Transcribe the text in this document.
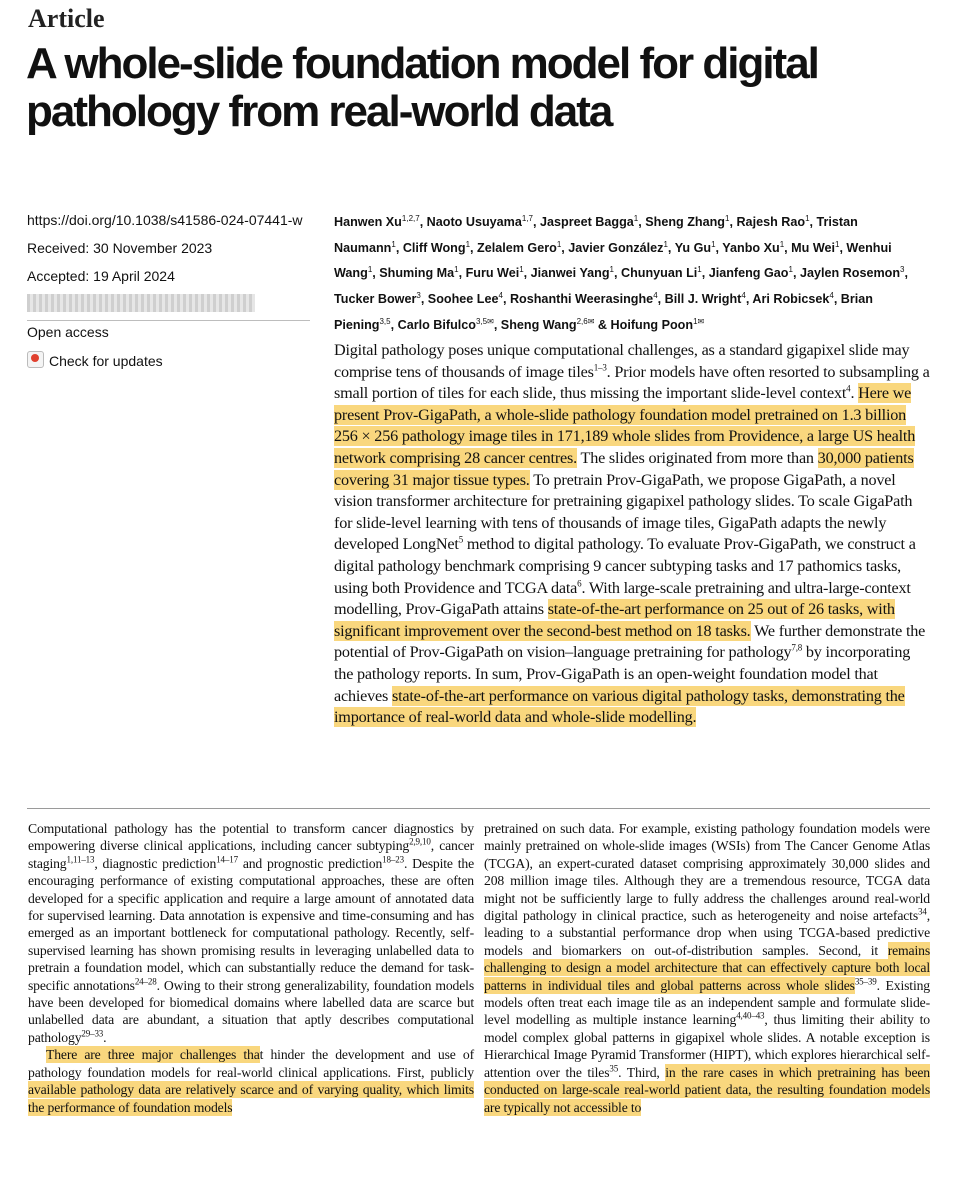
Article
A whole-slide foundation model for digital pathology from real-world data
https://doi.org/10.1038/s41586-024-07441-w
Received: 30 November 2023
Accepted: 19 April 2024
Open access
Check for updates

Hanwen Xu$^{1,2,7}$, Naoto Usuyama$^{1,7}$, Jaspreet Bagga$^1$, Sheng Zhang$^1$, Rajesh Rao$^1$, Tristan Naumann$^1$, Cliff Wong$^1$, Zelalem Gero$^1$, Javier González$^1$, Yu Gu$^1$, Yanbo Xu$^1$, Mu Wei$^1$, Wenhui Wang$^1$, Shuming Ma$^1$, Furu Wei$^1$, Jianwei Yang$^1$, Chunyuan Li$^1$, Jianfeng Gao$^1$, Jaylen Rosemon$^3$, Tucker Bower$^3$, Soohee Lee$^4$, Roshanthi Weerasinghe$^4$, Bill J. Wright$^4$, Ari Robicsek$^4$, Brian Piening$^{3,5}$, Carlo Bifulco$^{3,5✉}$, Sheng Wang$^{2,6✉}$ & Hoifung Poon$^{1✉}$

Digital pathology poses unique computational challenges, as a standard gigapixel slide may comprise tens of thousands of image tiles$^{1-3}$. Prior models have often resorted to subsampling a small portion of tiles for each slide, thus missing the important slide-level context$^4$. Here we present Prov-GigaPath, a whole-slide pathology foundation model pretrained on 1.3 billion 256 × 256 pathology image tiles in 171,189 whole slides from Providence, a large US health network comprising 28 cancer centres. The slides originated from more than 30,000 patients covering 31 major tissue types. To pretrain Prov-GigaPath, we propose GigaPath, a novel vision transformer architecture for pretraining gigapixel pathology slides. To scale GigaPath for slide-level learning with tens of thousands of image tiles, GigaPath adapts the newly developed LongNet$^5$ method to digital pathology. To evaluate Prov-GigaPath, we construct a digital pathology benchmark comprising 9 cancer subtyping tasks and 17 pathomics tasks, using both Providence and TCGA data$^6$. With large-scale pretraining and ultra-large-context modelling, Prov-GigaPath attains state-of-the-art performance on 25 out of 26 tasks, with significant improvement over the second-best method on 18 tasks. We further demonstrate the potential of Prov-GigaPath on vision–language pretraining for pathology$^{7,8}$ by incorporating the pathology reports. In sum, Prov-GigaPath is an open-weight foundation model that achieves state-of-the-art performance on various digital pathology tasks, demonstrating the importance of real-world data and whole-slide modelling.

Computational pathology has the potential to transform cancer diagnostics by empowering diverse clinical applications, including cancer subtyping$^{2,9,10}$, cancer staging$^{1,11-13}$, diagnostic prediction$^{14-17}$ and prognostic prediction$^{18-23}$. Despite the encouraging performance of existing computational approaches, these are often developed for a specific application and require a large amount of annotated data for supervised learning. Data annotation is expensive and time-consuming and has emerged as an important bottleneck for computational pathology. Recently, self-supervised learning has shown promising results in leveraging unlabelled data to pretrain a foundation model, which can substantially reduce the demand for task-specific annotations$^{24-28}$. Owing to their strong generalizability, foundation models have been developed for biomedical domains where labelled data are scarce but unlabelled data are abundant, a situation that aptly describes computational pathology$^{29-33}$.

There are three major challenges that hinder the development and use of pathology foundation models for real-world clinical applications. First, publicly available pathology data are relatively scarce and of varying quality, which limits the performance of foundation models

pretrained on such data. For example, existing pathology foundation models were mainly pretrained on whole-slide images (WSIs) from The Cancer Genome Atlas (TCGA), an expert-curated dataset comprising approximately 30,000 slides and 208 million image tiles. Although they are a tremendous resource, TCGA data might not be sufficiently large to fully address the challenges around real-world digital pathology in clinical practice, such as heterogeneity and noise artefacts$^{34}$, leading to a substantial performance drop when using TCGA-based predictive models and biomarkers on out-of-distribution samples. Second, it remains challenging to design a model architecture that can effectively capture both local patterns in individual tiles and global patterns across whole slides$^{35-39}$. Existing models often treat each image tile as an independent sample and formulate slide-level modelling as multiple instance learning$^{4,40-43}$, thus limiting their ability to model complex global patterns in gigapixel whole slides. A notable exception is Hierarchical Image Pyramid Transformer (HIPT), which explores hierarchical self-attention over the tiles$^{35}$. Third, in the rare cases in which pretraining has been conducted on large-scale real-world patient data, the resulting foundation models are typically not accessible to
